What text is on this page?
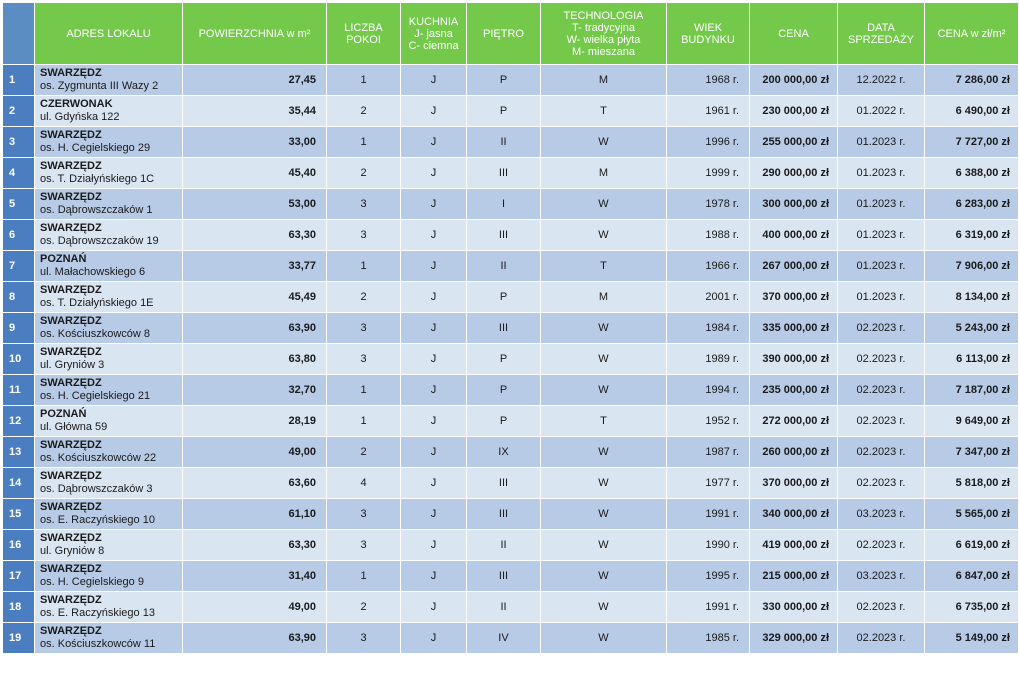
	ADRES LOKALU	POWIERZCHNIA w m²	LICZBA
POKOI	KUCHNIA
J- jasna
C- ciemna	PIĘTRO	TECHNOLOGIA
T- tradycyjna
W- wielka płyta
M- mieszana	WIEK
BUDYNKU	CENA	DATA
SPRZEDAŻY	CENA w zł/m²
1	SWARZĘDZ
os. Zygmunta III Wazy 2	27,45	1	J	P	M	1968 r.	200 000,00 zł	12.2022 r.	7 286,00 zł
2	CZERWONAK
ul. Gdyńska 122	35,44	2	J	P	T	1961 r.	230 000,00 zł	01.2022 r.	6 490,00 zł
3	SWARZĘDZ
os. H. Cegielskiego 29	33,00	1	J	II	W	1996 r.	255 000,00 zł	01.2023 r.	7 727,00 zł
4	SWARZĘDZ
os. T. Działyńskiego 1C	45,40	2	J	III	M	1999 r.	290 000,00 zł	01.2023 r.	6 388,00 zł
5	SWARZĘDZ
os. Dąbrowszczaków 1	53,00	3	J	I	W	1978 r.	300 000,00 zł	01.2023 r.	6 283,00 zł
6	SWARZĘDZ
os. Dąbrowszczaków 19	63,30	3	J	III	W	1988 r.	400 000,00 zł	01.2023 r.	6 319,00 zł
7	POZNAŃ
ul. Małachowskiego 6	33,77	1	J	II	T	1966 r.	267 000,00 zł	01.2023 r.	7 906,00 zł
8	SWARZĘDZ
os. T. Działyńskiego 1E	45,49	2	J	P	M	2001 r.	370 000,00 zł	01.2023 r.	8 134,00 zł
9	SWARZĘDZ
os. Kościuszkowców 8	63,90	3	J	III	W	1984 r.	335 000,00 zł	02.2023 r.	5 243,00 zł
10	SWARZĘDZ
ul. Gryniów 3	63,80	3	J	P	W	1989 r.	390 000,00 zł	02.2023 r.	6 113,00 zł
11	SWARZĘDZ
os. H. Cegielskiego 21	32,70	1	J	P	W	1994 r.	235 000,00 zł	02.2023 r.	7 187,00 zł
12	POZNAŃ
ul. Główna 59	28,19	1	J	P	T	1952 r.	272 000,00 zł	02.2023 r.	9 649,00 zł
13	SWARZĘDZ
os. Kościuszkowców 22	49,00	2	J	IX	W	1987 r.	260 000,00 zł	02.2023 r.	7 347,00 zł
14	SWARZĘDZ
os. Dąbrowszczaków 3	63,60	4	J	III	W	1977 r.	370 000,00 zł	02.2023 r.	5 818,00 zł
15	SWARZĘDZ
os. E. Raczyńskiego 10	61,10	3	J	III	W	1991 r.	340 000,00 zł	03.2023 r.	5 565,00 zł
16	SWARZĘDZ
ul. Gryniów 8	63,30	3	J	II	W	1990 r.	419 000,00 zł	02.2023 r.	6 619,00 zł
17	SWARZĘDZ
os. H. Cegielskiego 9	31,40	1	J	III	W	1995 r.	215 000,00 zł	03.2023 r.	6 847,00 zł
18	SWARZĘDZ
os. E. Raczyńskiego 13	49,00	2	J	II	W	1991 r.	330 000,00 zł	02.2023 r.	6 735,00 zł
19	SWARZĘDZ
os. Kościuszkowców 11	63,90	3	J	IV	W	1985 r.	329 000,00 zł	02.2023 r.	5 149,00 zł
